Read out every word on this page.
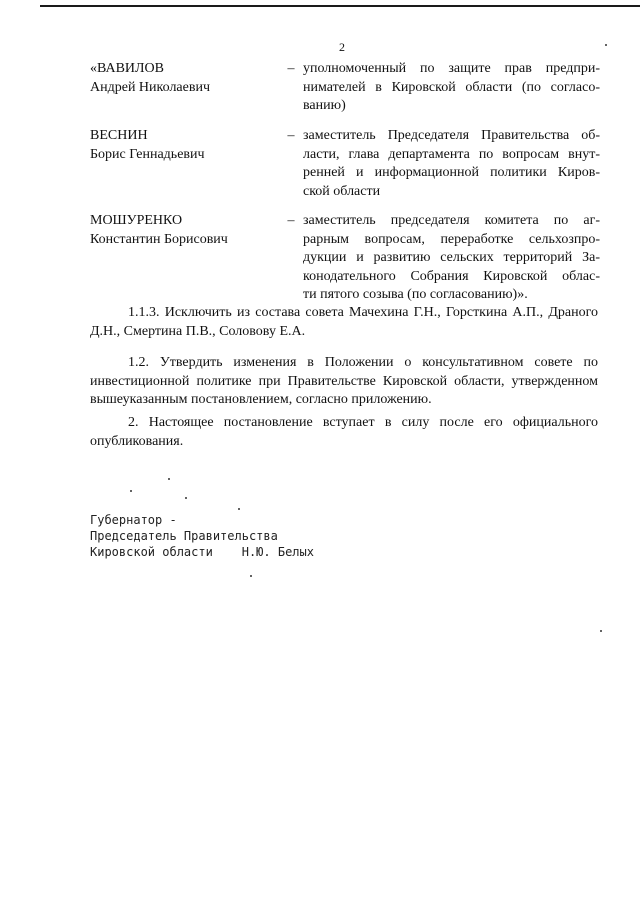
2
«ВАВИЛОВ
Андрей Николаевич
– уполномоченный по защите прав предпри-
нимателей в Кировской области (по согласо-
ванию)
ВЕСНИН
Борис Геннадьевич
– заместитель Председателя Правительства об-
ласти, глава департамента по вопросам внут-
ренней и информационной политики Киров-
ской области
МОШУРЕНКО
Константин Борисович
– заместитель председателя комитета по аг-
рарным вопросам, переработке сельхозпро-
дукции и развитию сельских территорий За-
конодательного Собрания Кировской облас-
ти пятого созыва (по согласованию)».

1.1.3. Исключить из состава совета Мачехина Г.Н., Горсткина А.П., Драного Д.Н., Смертина П.В., Соловову Е.А.

1.2. Утвердить изменения в Положении о консультативном совете по инвестиционной политике при Правительстве Кировской области, утвержденном вышеуказанным постановлением, согласно приложению.

2. Настоящее постановление вступает в силу после его официального опубликования.

Губернатор -
Председатель Правительства
Кировской области Н.Ю. Белых
